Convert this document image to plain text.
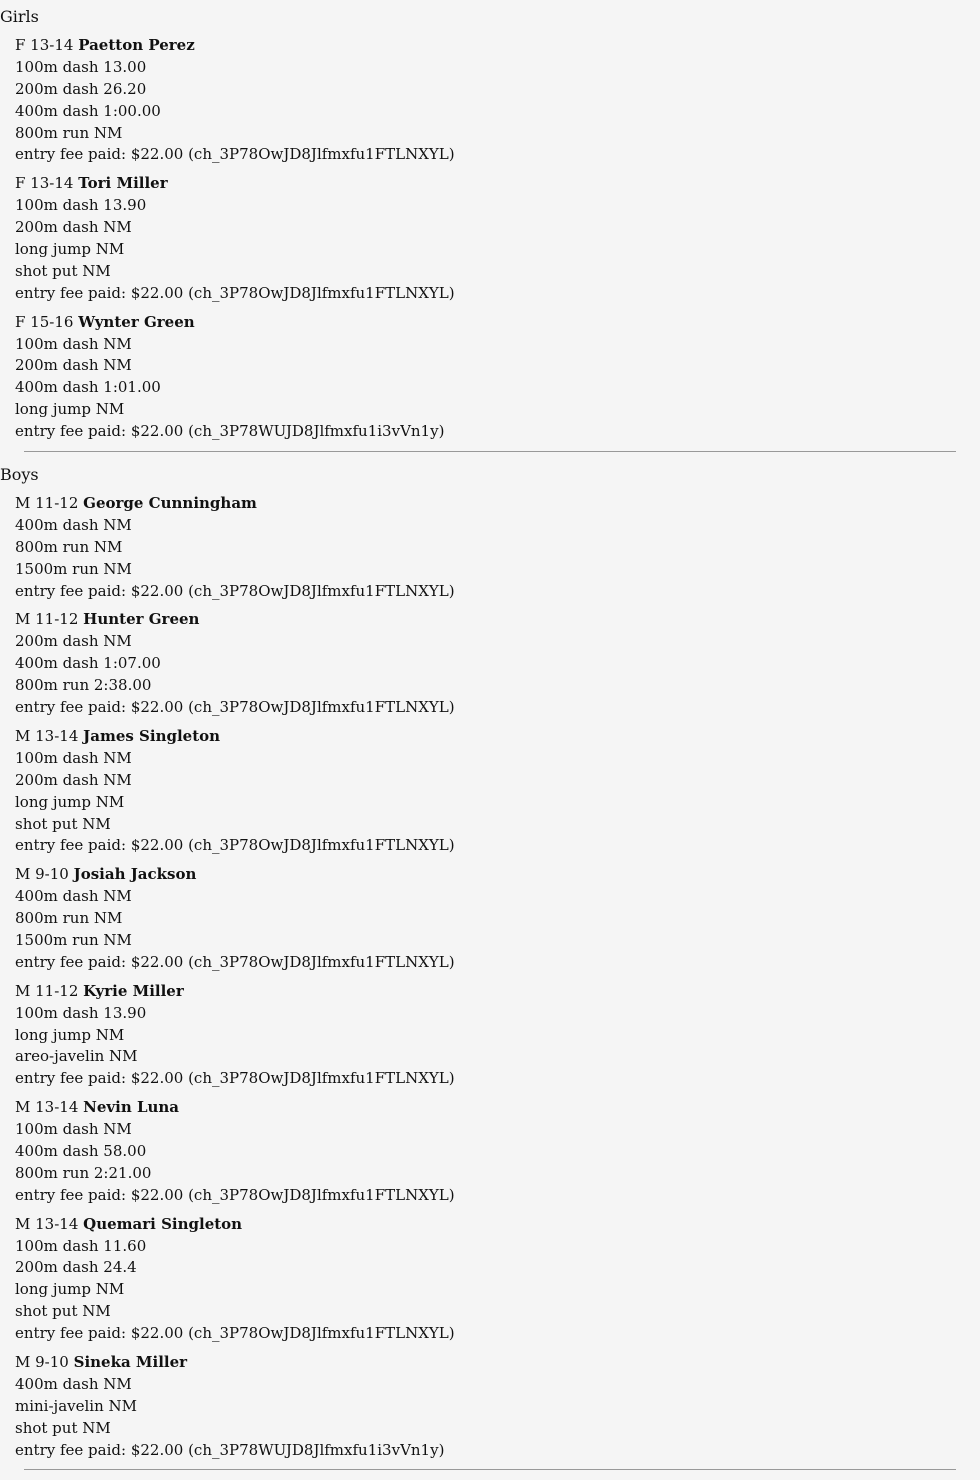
Girls
F 13-14 Paetton Perez
100m dash 13.00
200m dash 26.20
400m dash 1:00.00
800m run NM
entry fee paid: $22.00 (ch_3P78OwJD8Jlfmxfu1FTLNXYL)
F 13-14 Tori Miller
100m dash 13.90
200m dash NM
long jump NM
shot put NM
entry fee paid: $22.00 (ch_3P78OwJD8Jlfmxfu1FTLNXYL)
F 15-16 Wynter Green
100m dash NM
200m dash NM
400m dash 1:01.00
long jump NM
entry fee paid: $22.00 (ch_3P78WUJD8Jlfmxfu1i3vVn1y)
Boys
M 11-12 George Cunningham
400m dash NM
800m run NM
1500m run NM
entry fee paid: $22.00 (ch_3P78OwJD8Jlfmxfu1FTLNXYL)
M 11-12 Hunter Green
200m dash NM
400m dash 1:07.00
800m run 2:38.00
entry fee paid: $22.00 (ch_3P78OwJD8Jlfmxfu1FTLNXYL)
M 13-14 James Singleton
100m dash NM
200m dash NM
long jump NM
shot put NM
entry fee paid: $22.00 (ch_3P78OwJD8Jlfmxfu1FTLNXYL)
M 9-10 Josiah Jackson
400m dash NM
800m run NM
1500m run NM
entry fee paid: $22.00 (ch_3P78OwJD8Jlfmxfu1FTLNXYL)
M 11-12 Kyrie Miller
100m dash 13.90
long jump NM
areo-javelin NM
entry fee paid: $22.00 (ch_3P78OwJD8Jlfmxfu1FTLNXYL)
M 13-14 Nevin Luna
100m dash NM
400m dash 58.00
800m run 2:21.00
entry fee paid: $22.00 (ch_3P78OwJD8Jlfmxfu1FTLNXYL)
M 13-14 Quemari Singleton
100m dash 11.60
200m dash 24.4
long jump NM
shot put NM
entry fee paid: $22.00 (ch_3P78OwJD8Jlfmxfu1FTLNXYL)
M 9-10 Sineka Miller
400m dash NM
mini-javelin NM
shot put NM
entry fee paid: $22.00 (ch_3P78WUJD8Jlfmxfu1i3vVn1y)
